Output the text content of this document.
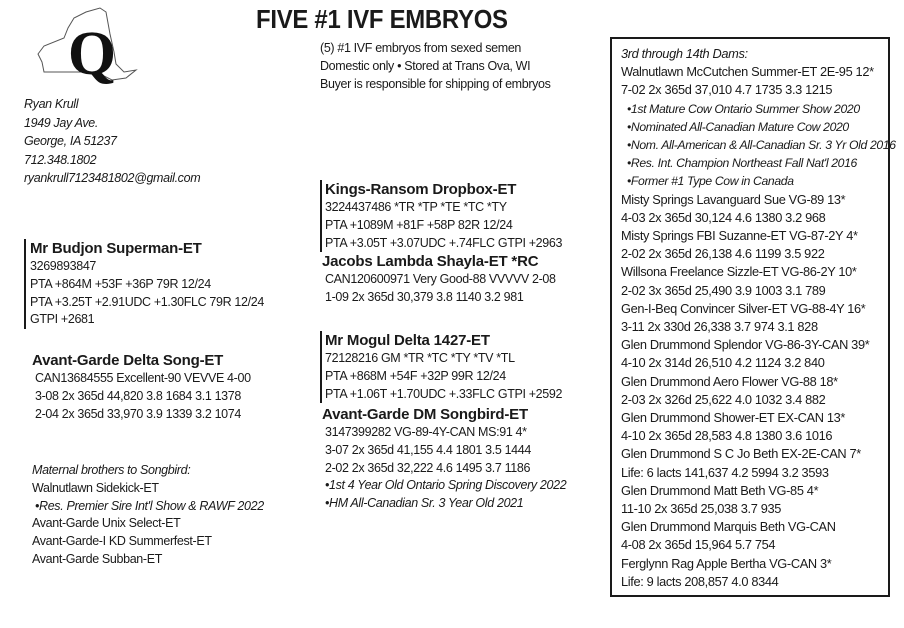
Q
FIVE #1 IVF EMBRYOS
(5) #1 IVF embryos from sexed semen
Domestic only • Stored at Trans Ova, WI
Buyer is responsible for shipping of embryos
Ryan Krull
1949 Jay Ave.
George, IA 51237
712.348.1802
ryankrull7123481802@gmail.com
Kings-Ransom Dropbox-ET
3224437486 *TR *TP *TE *TC *TY
PTA +1089M +81F +58P 82R 12/24
PTA +3.05T +3.07UDC +.74FLC GTPI +2963
Jacobs Lambda Shayla-ET *RC
CAN120600971 Very Good-88 VVVVV 2-08
1-09 2x 365d 30,379 3.8 1140 3.2 981
Mr Mogul Delta 1427-ET
72128216 GM *TR *TC *TY *TV *TL
PTA +868M +54F +32P 99R 12/24
PTA +1.06T +1.70UDC +.33FLC GTPI +2592
Avant-Garde DM Songbird-ET
3147399282 VG-89-4Y-CAN MS:91 4*
3-07 2x 365d 41,155 4.4 1801 3.5 1444
2-02 2x 365d 32,222 4.6 1495 3.7 1186
•1st 4 Year Old Ontario Spring Discovery 2022
•HM All-Canadian Sr. 3 Year Old 2021
Mr Budjon Superman-ET
3269893847
PTA +864M +53F +36P 79R 12/24
PTA +3.25T +2.91UDC +1.30FLC 79R 12/24
GTPI +2681
Avant-Garde Delta Song-ET
CAN13684555 Excellent-90 VEVVE 4-00
3-08 2x 365d 44,820 3.8 1684 3.1 1378
2-04 2x 365d 33,970 3.9 1339 3.2 1074
Maternal brothers to Songbird:
Walnutlawn Sidekick-ET
•Res. Premier Sire Int'l Show & RAWF 2022
Avant-Garde Unix Select-ET
Avant-Garde-I KD Summerfest-ET
Avant-Garde Subban-ET
3rd through 14th Dams:
Walnutlawn McCutchen Summer-ET 2E-95 12*
7-02 2x 365d 37,010 4.7 1735 3.3 1215
•1st Mature Cow Ontario Summer Show 2020
•Nominated All-Canadian Mature Cow 2020
•Nom. All-American & All-Canadian Sr. 3 Yr Old 2016
•Res. Int. Champion Northeast Fall Nat'l 2016
•Former #1 Type Cow in Canada
Misty Springs Lavanguard Sue VG-89 13*
4-03 2x 365d 30,124 4.6 1380 3.2 968
Misty Springs FBI Suzanne-ET VG-87-2Y 4*
2-02 2x 365d 26,138 4.6 1199 3.5 922
Willsona Freelance Sizzle-ET VG-86-2Y 10*
2-02 3x 365d 25,490 3.9 1003 3.1 789
Gen-I-Beq Convincer Silver-ET VG-88-4Y 16*
3-11 2x 330d 26,338 3.7 974 3.1 828
Glen Drummond Splendor VG-86-3Y-CAN 39*
4-10 2x 314d 26,510 4.2 1124 3.2 840
Glen Drummond Aero Flower VG-88 18*
2-03 2x 326d 25,622 4.0 1032 3.4 882
Glen Drummond Shower-ET EX-CAN 13*
4-10 2x 365d 28,583 4.8 1380 3.6 1016
Glen Drummond S C Jo Beth EX-2E-CAN 7*
Life: 6 lacts 141,637 4.2 5994 3.2 3593
Glen Drummond Matt Beth VG-85 4*
11-10 2x 365d 25,038 3.7 935
Glen Drummond Marquis Beth VG-CAN
4-08 2x 365d 15,964 5.7 754
Ferglynn Rag Apple Bertha VG-CAN 3*
Life: 9 lacts 208,857 4.0 8344
